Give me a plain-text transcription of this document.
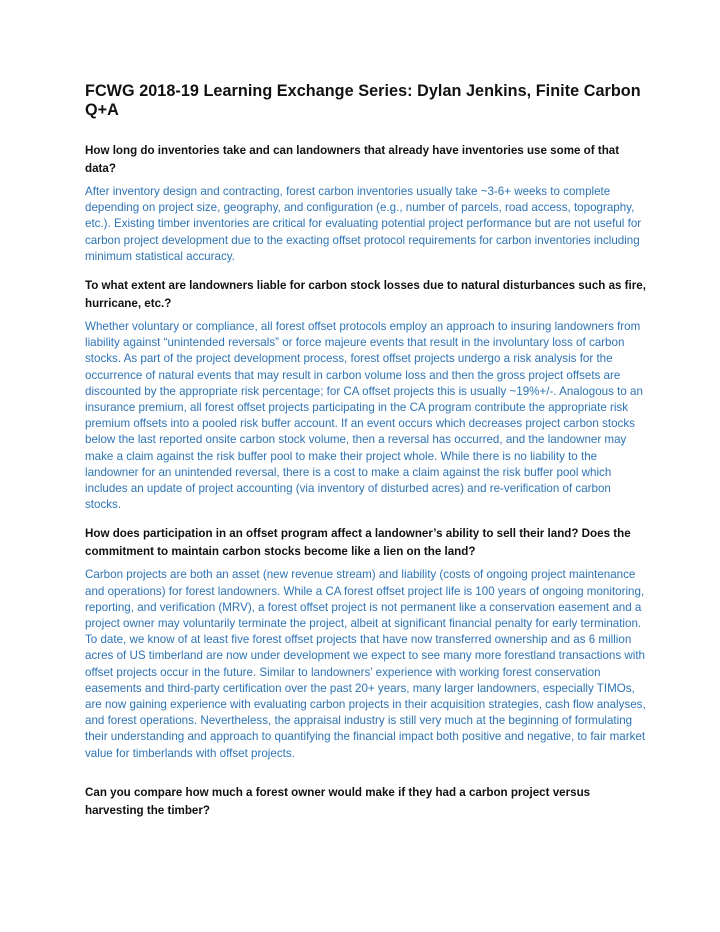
FCWG 2018-19 Learning Exchange Series: Dylan Jenkins, Finite Carbon Q+A

How long do inventories take and can landowners that already have inventories use some of that data?

After inventory design and contracting, forest carbon inventories usually take ~3-6+ weeks to complete depending on project size, geography, and configuration (e.g., number of parcels, road access, topography, etc.). Existing timber inventories are critical for evaluating potential project performance but are not useful for carbon project development due to the exacting offset protocol requirements for carbon inventories including minimum statistical accuracy.

To what extent are landowners liable for carbon stock losses due to natural disturbances such as fire, hurricane, etc.?

Whether voluntary or compliance, all forest offset protocols employ an approach to insuring landowners from liability against “unintended reversals” or force majeure events that result in the involuntary loss of carbon stocks. As part of the project development process, forest offset projects undergo a risk analysis for the occurrence of natural events that may result in carbon volume loss and then the gross project offsets are discounted by the appropriate risk percentage; for CA offset projects this is usually ~19%+/-. Analogous to an insurance premium, all forest offset projects participating in the CA program contribute the appropriate risk premium offsets into a pooled risk buffer account. If an event occurs which decreases project carbon stocks below the last reported onsite carbon stock volume, then a reversal has occurred, and the landowner may make a claim against the risk buffer pool to make their project whole. While there is no liability to the landowner for an unintended reversal, there is a cost to make a claim against the risk buffer pool which includes an update of project accounting (via inventory of disturbed acres) and re-verification of carbon stocks.

How does participation in an offset program affect a landowner’s ability to sell their land? Does the commitment to maintain carbon stocks become like a lien on the land?

Carbon projects are both an asset (new revenue stream) and liability (costs of ongoing project maintenance and operations) for forest landowners. While a CA forest offset project life is 100 years of ongoing monitoring, reporting, and verification (MRV), a forest offset project is not permanent like a conservation easement and a project owner may voluntarily terminate the project, albeit at significant financial penalty for early termination. To date, we know of at least five forest offset projects that have now transferred ownership and as 6 million acres of US timberland are now under development we expect to see many more forestland transactions with offset projects occur in the future. Similar to landowners’ experience with working forest conservation easements and third-party certification over the past 20+ years, many larger landowners, especially TIMOs, are now gaining experience with evaluating carbon projects in their acquisition strategies, cash flow analyses, and forest operations. Nevertheless, the appraisal industry is still very much at the beginning of formulating their understanding and approach to quantifying the financial impact both positive and negative, to fair market value for timberlands with offset projects.

Can you compare how much a forest owner would make if they had a carbon project versus harvesting the timber?
